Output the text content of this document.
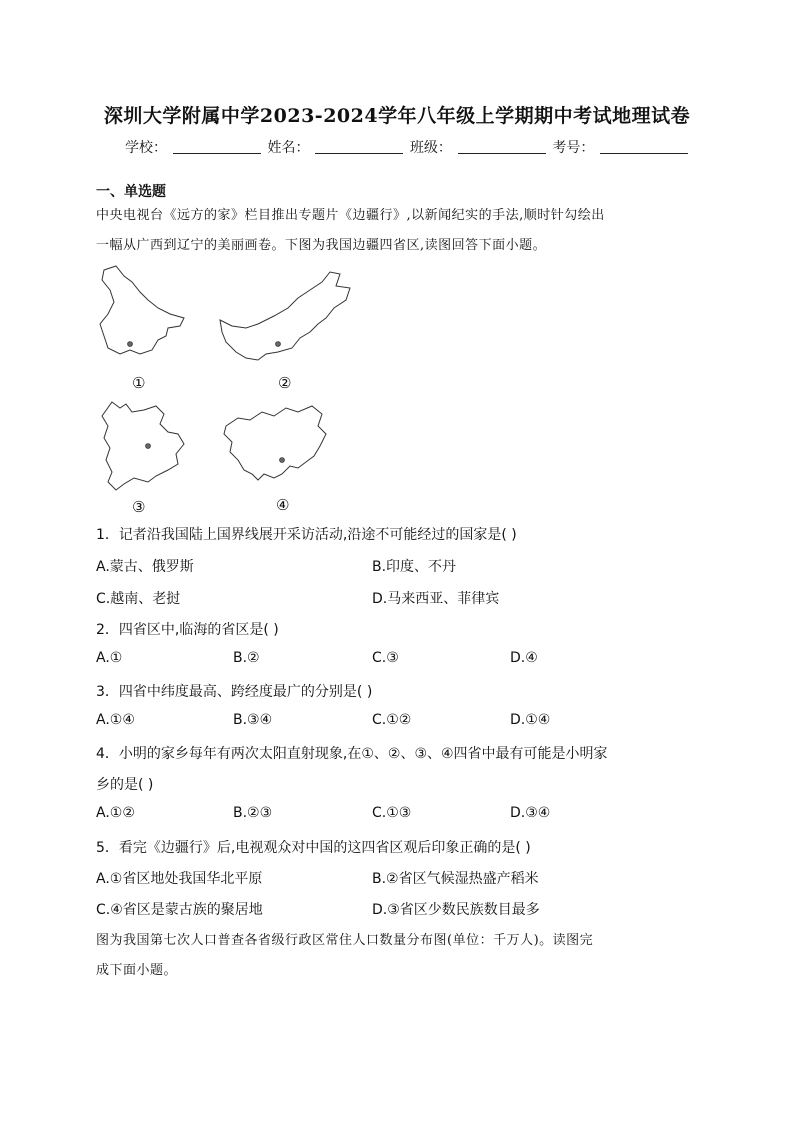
深圳大学附属中学2023-2024学年八年级上学期期中考试地理试卷
学校：	姓名：	班级：	考号：
一、单选题
中央电视台《远方的家》栏目推出专题片《边疆行》,以新闻纪实的手法,顺时针勾绘出
一幅从广西到辽宁的美丽画卷。下图为我国边疆四省区,读图回答下面小题。
①	②
③	④
1．记者沿我国陆上国界线展开采访活动,沿途不可能经过的国家是( )
A.蒙古、俄罗斯	B.印度、不丹
C.越南、老挝	D.马来西亚、菲律宾
2．四省区中,临海的省区是( )
A.①	B.②	C.③	D.④
3．四省中纬度最高、跨经度最广的分别是( )
A.①④	B.③④	C.①②	D.①④
4．小明的家乡每年有两次太阳直射现象,在①、②、③、④四省中最有可能是小明家
乡的是( )
A.①②	B.②③	C.①③	D.③④
5．看完《边疆行》后,电视观众对中国的这四省区观后印象正确的是( )
A.①省区地处我国华北平原	B.②省区气候湿热盛产稻米
C.④省区是蒙古族的聚居地	D.③省区少数民族数目最多
图为我国第七次人口普查各省级行政区常住人口数量分布图(单位：千万人)。读图完
成下面小题。
